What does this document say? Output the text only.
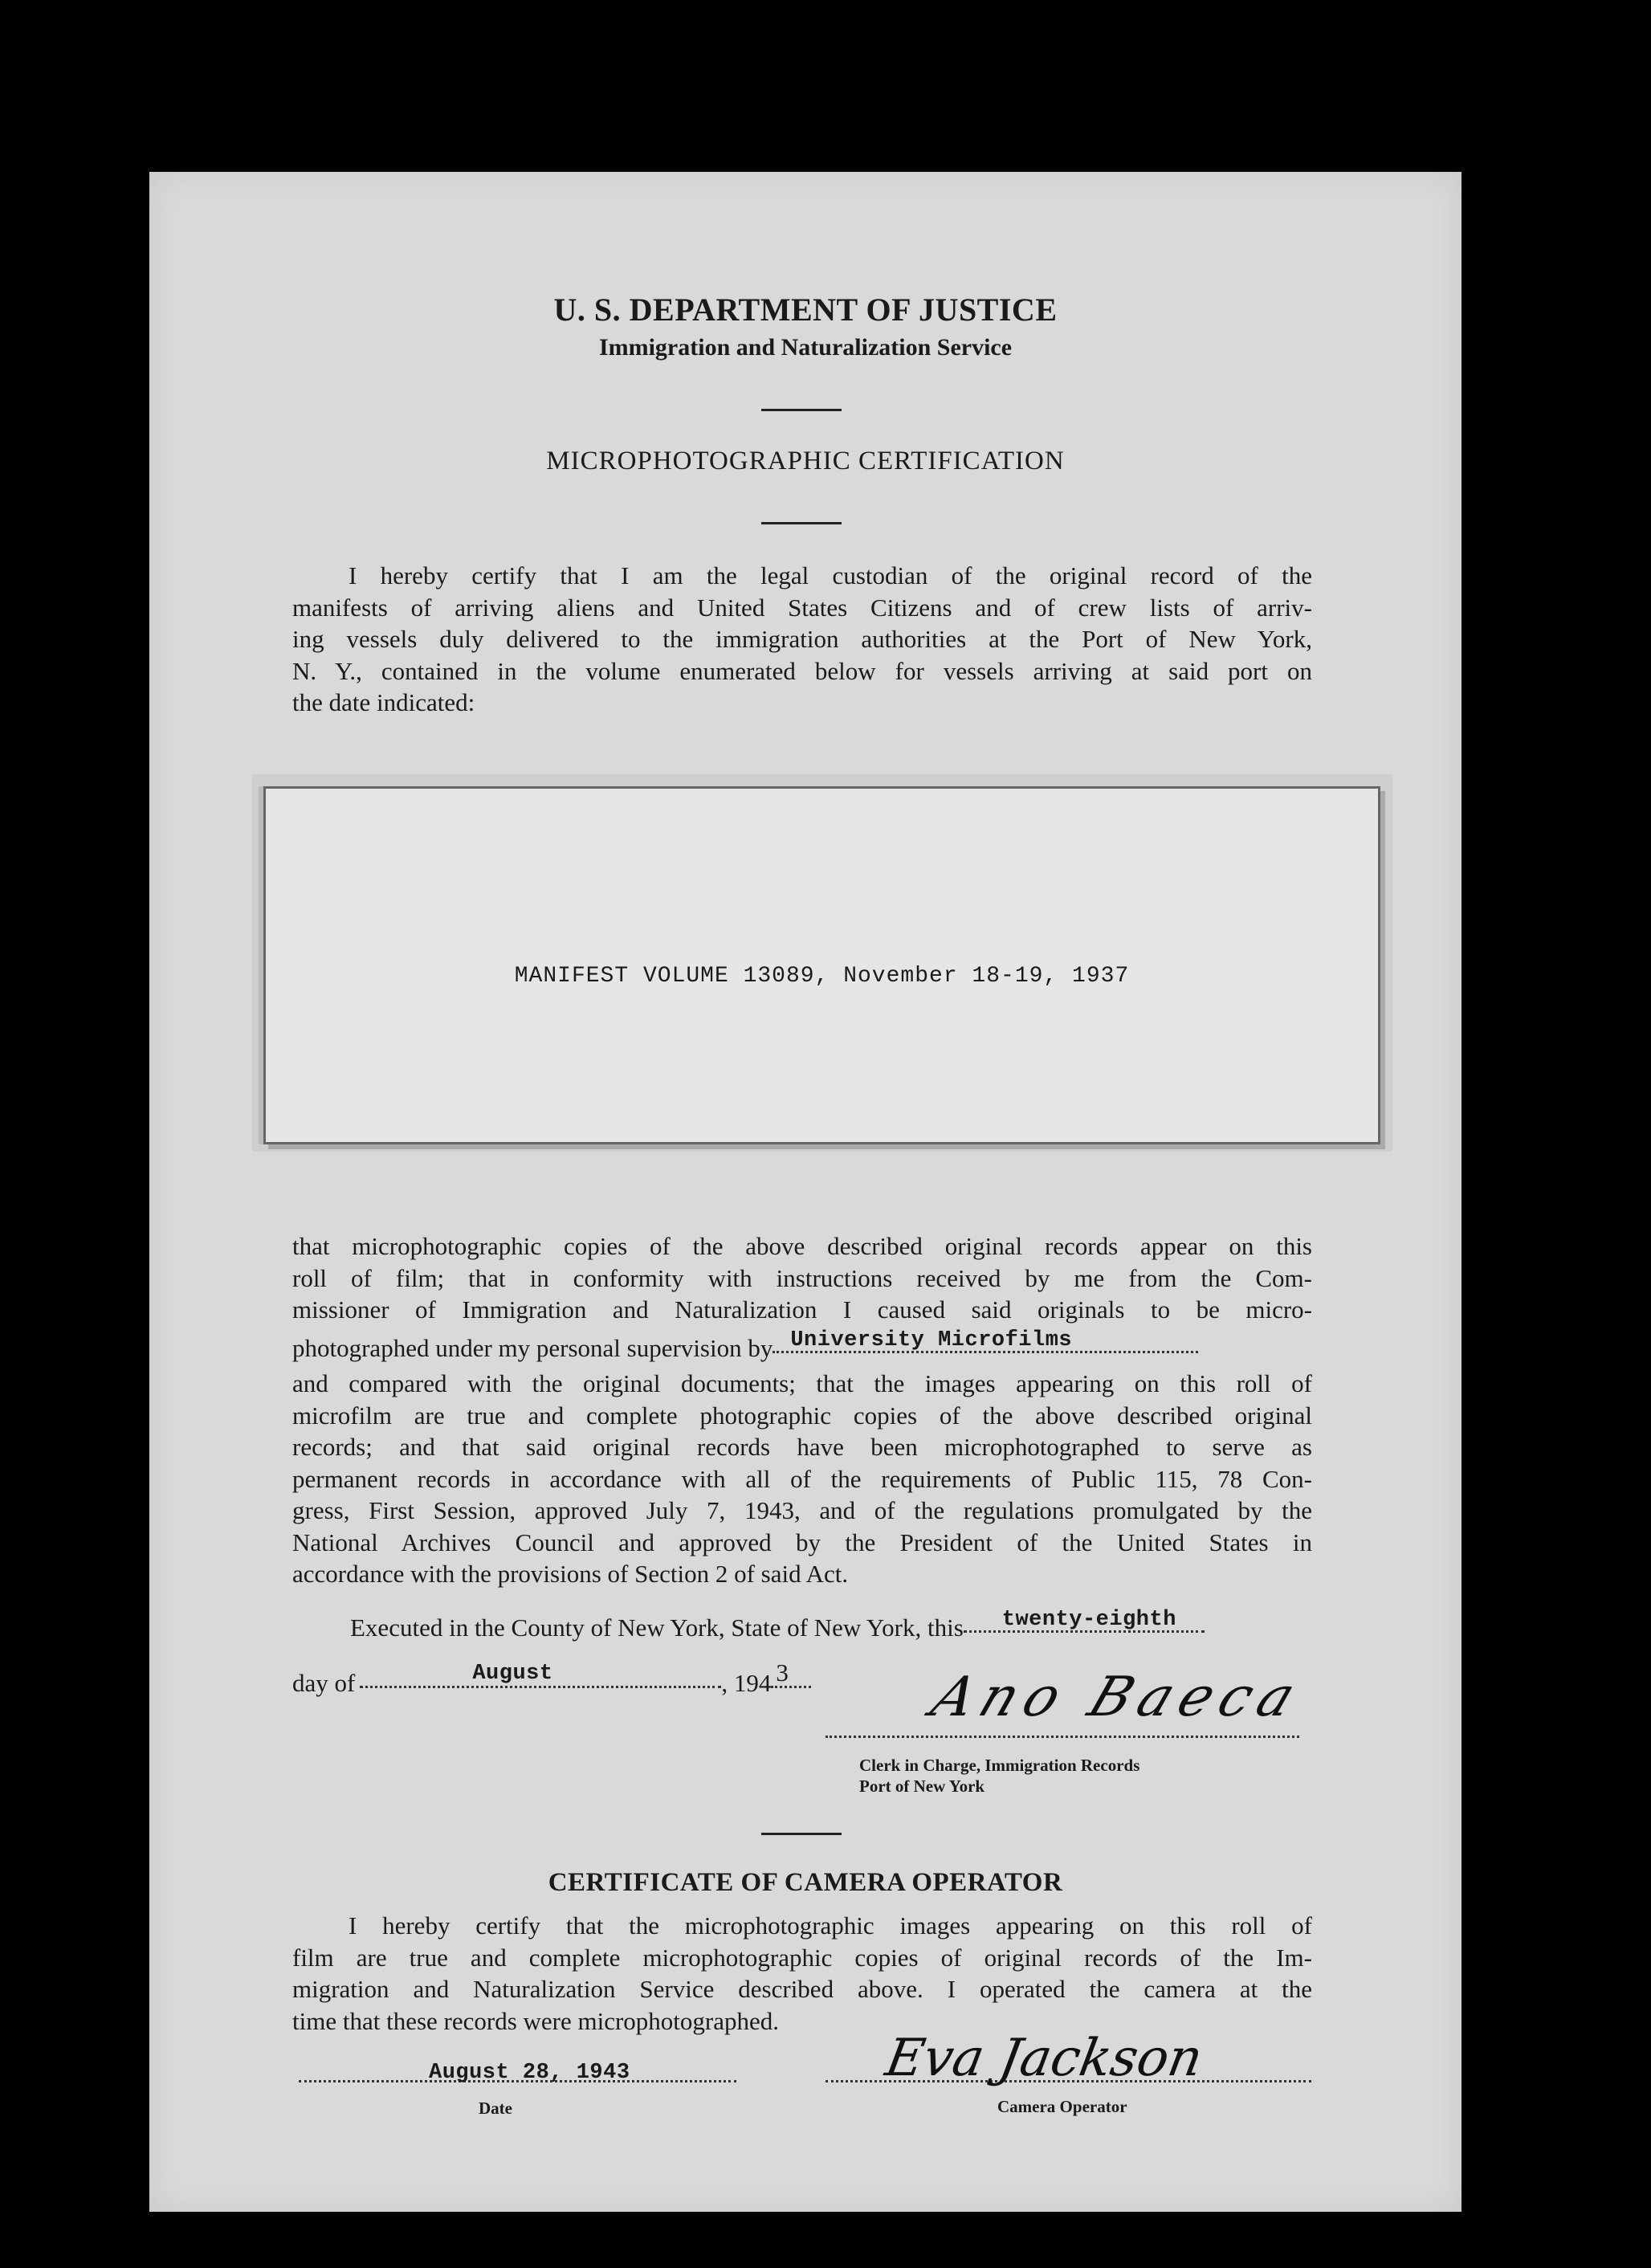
U. S. DEPARTMENT OF JUSTICE
Immigration and Naturalization Service
MICROPHOTOGRAPHIC CERTIFICATION
I hereby certify that I am the legal custodian of the original record of the
manifests of arriving aliens and United States Citizens and of crew lists of arriv-
ing vessels duly delivered to the immigration authorities at the Port of New York,
N. Y., contained in the volume enumerated below for vessels arriving at said port on
the date indicated:
MANIFEST VOLUME 13089, November 18-19, 1937
that microphotographic copies of the above described original records appear on this
roll of film; that in conformity with instructions received by me from the Com-
missioner of Immigration and Naturalization I caused said originals to be micro-
photographed under my personal supervision by University Microfilms
and compared with the original documents; that the images appearing on this roll of
microfilm are true and complete photographic copies of the above described original
records; and that said original records have been microphotographed to serve as
permanent records in accordance with all of the requirements of Public 115, 78 Con-
gress, First Session, approved July 7, 1943, and of the regulations promulgated by the
National Archives Council and approved by the President of the United States in
accordance with the provisions of Section 2 of said Act.
Executed in the County of New York, State of New York, this twenty-eighth
day of	August	, 194 3 Ano Baeca
Clerk in Charge, Immigration Records
Port of New York
CERTIFICATE OF CAMERA OPERATOR
I hereby certify that the microphotographic images appearing on this roll of
film are true and complete microphotographic copies of original records of the Im-
migration and Naturalization Service described above. I operated the camera at the
time that these records were microphotographed.
August 28, 1943
Date
Eva Jackson
Camera Operator
